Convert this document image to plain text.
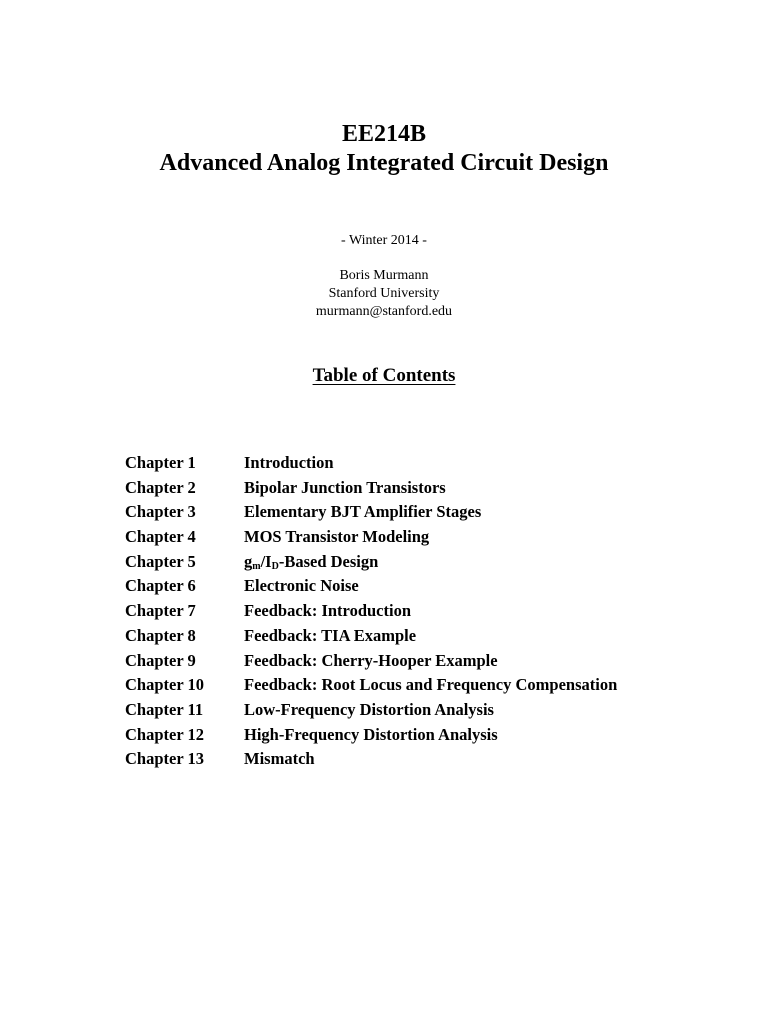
EE214B
Advanced Analog Integrated Circuit Design
- Winter 2014 -
Boris Murmann
Stanford University
murmann@stanford.edu
Table of Contents
Chapter 1	Introduction
Chapter 2	Bipolar Junction Transistors
Chapter 3	Elementary BJT Amplifier Stages
Chapter 4	MOS Transistor Modeling
Chapter 5	$g_m/I_D$-Based Design
Chapter 6	Electronic Noise
Chapter 7	Feedback: Introduction
Chapter 8	Feedback: TIA Example
Chapter 9	Feedback: Cherry-Hooper Example
Chapter 10 Feedback: Root Locus and Frequency Compensation
Chapter 11 Low-Frequency Distortion Analysis
Chapter 12 High-Frequency Distortion Analysis
Chapter 13 Mismatch
